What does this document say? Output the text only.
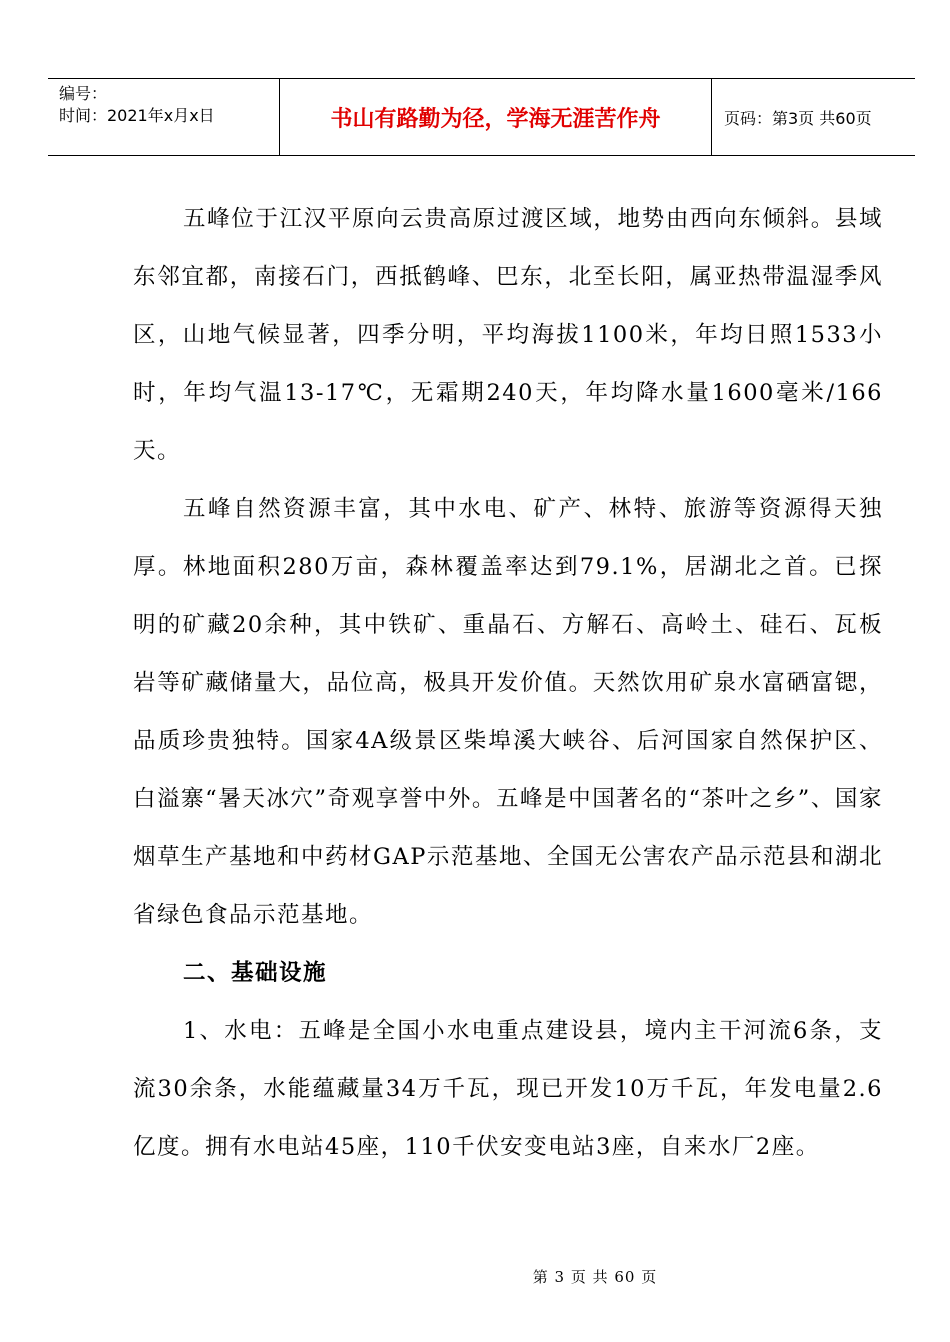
编号：
时间：2021年x月x日	书山有路勤为径，学海无涯苦作舟	页码：第3页 共60页

五峰位于江汉平原向云贵高原过渡区域，地势由西向东倾斜。县域东邻宜都，南接石门，西抵鹤峰、巴东，北至长阳，属亚热带温湿季风区，山地气候显著，四季分明，平均海拔1100米，年均日照1533小时，年均气温13-17℃，无霜期240天，年均降水量1600毫米/166天。

五峰自然资源丰富，其中水电、矿产、林特、旅游等资源得天独厚。林地面积280万亩，森林覆盖率达到79.1%，居湖北之首。已探明的矿藏20余种，其中铁矿、重晶石、方解石、高岭土、硅石、瓦板岩等矿藏储量大，品位高，极具开发价值。天然饮用矿泉水富硒富锶，品质珍贵独特。国家4A级景区柴埠溪大峡谷、后河国家自然保护区、白溢寨“暑天冰穴”奇观享誉中外。五峰是中国著名的“茶叶之乡”、国家烟草生产基地和中药材GAP示范基地、全国无公害农产品示范县和湖北省绿色食品示范基地。

二、基础设施

1、水电：五峰是全国小水电重点建设县，境内主干河流6条，支流30余条，水能蕴藏量34万千瓦，现已开发10万千瓦，年发电量2.6亿度。拥有水电站45座，110千伏安变电站3座，自来水厂2座。

第 3 页 共 60 页
